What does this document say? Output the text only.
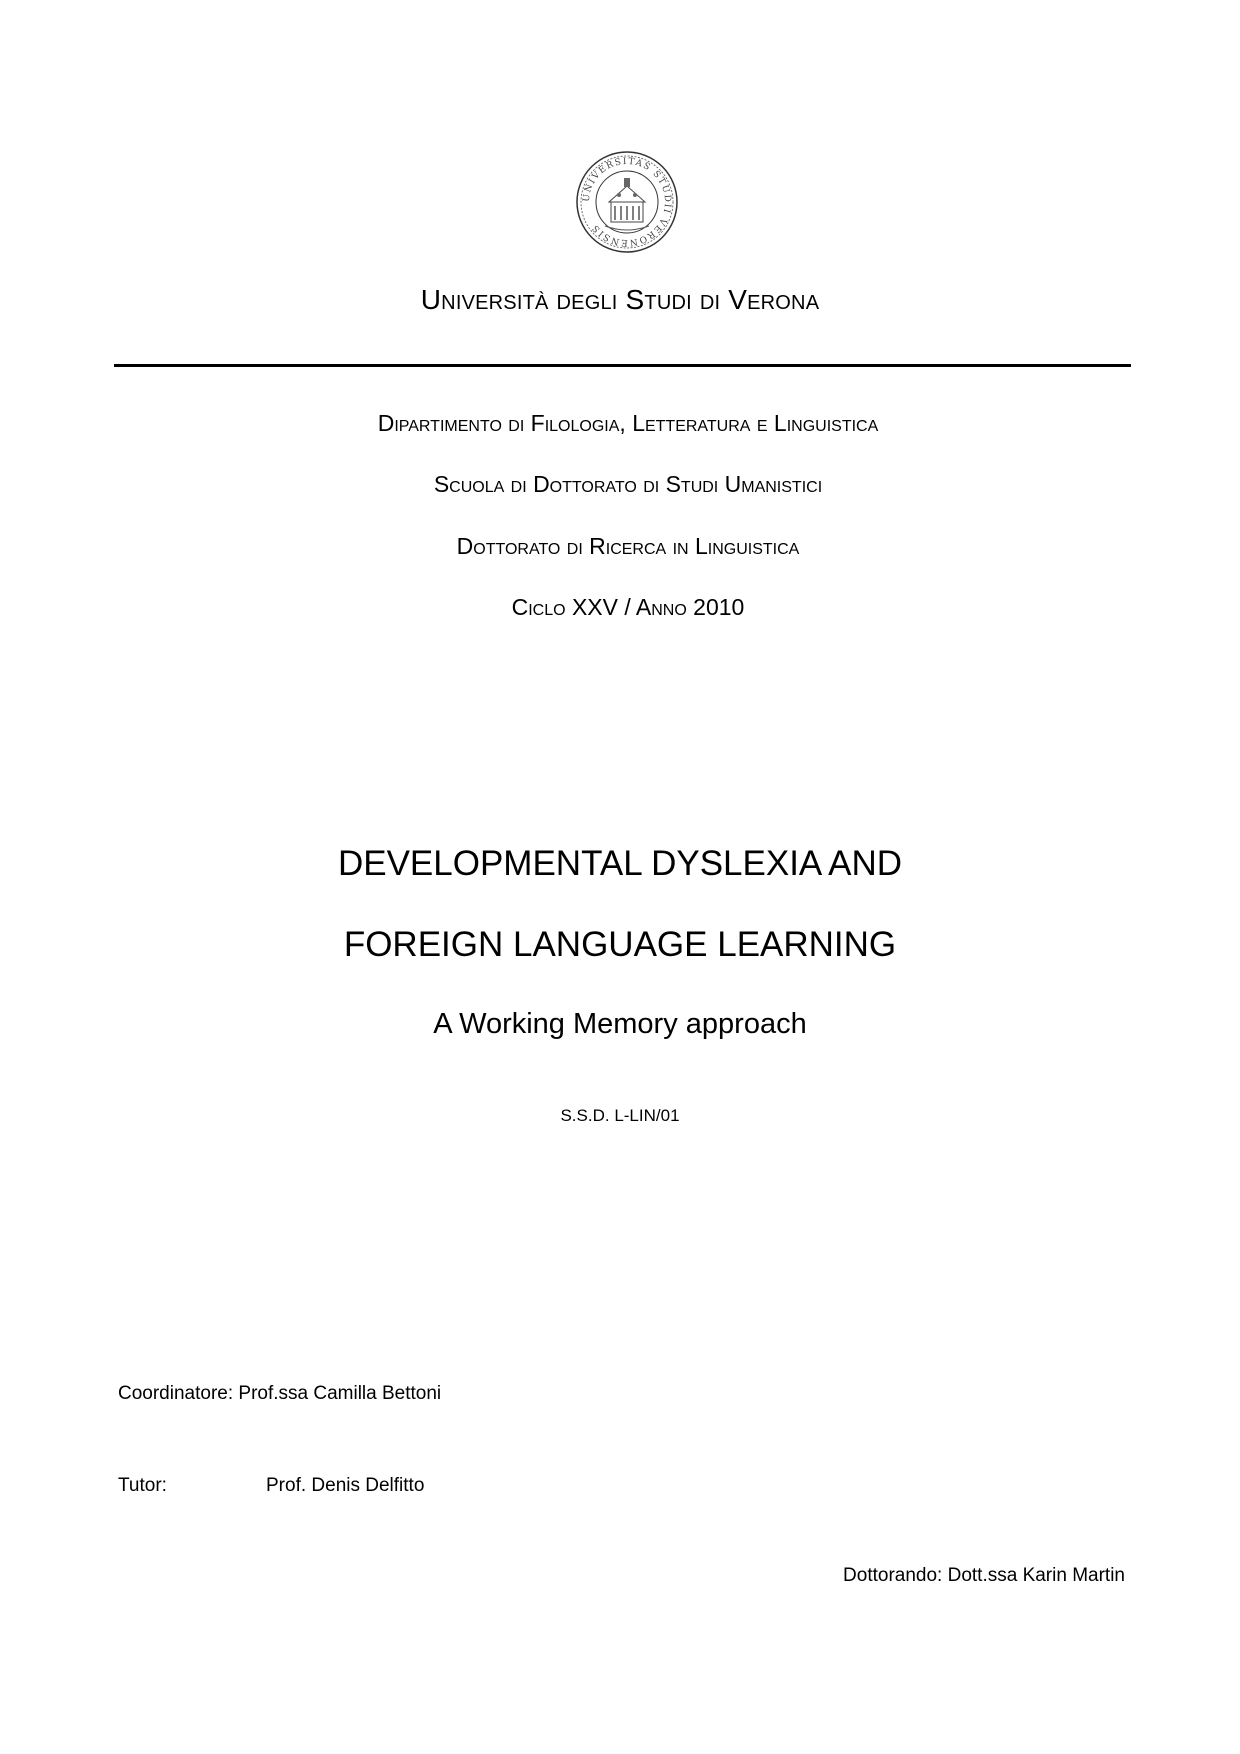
UNIVERSITAS STUDII VERONENSIS
Università degli Studi di Verona
Dipartimento di Filologia, Letteratura e Linguistica
Scuola di Dottorato di Studi Umanistici
Dottorato di Ricerca in Linguistica
Ciclo XXV / Anno 2010
DEVELOPMENTAL DYSLEXIA AND
FOREIGN LANGUAGE LEARNING
A Working Memory approach
S.S.D. L-LIN/01
Coordinatore: Prof.ssa Camilla Bettoni
Tutor:	Prof. Denis Delfitto
Dottorando: Dott.ssa Karin Martin
